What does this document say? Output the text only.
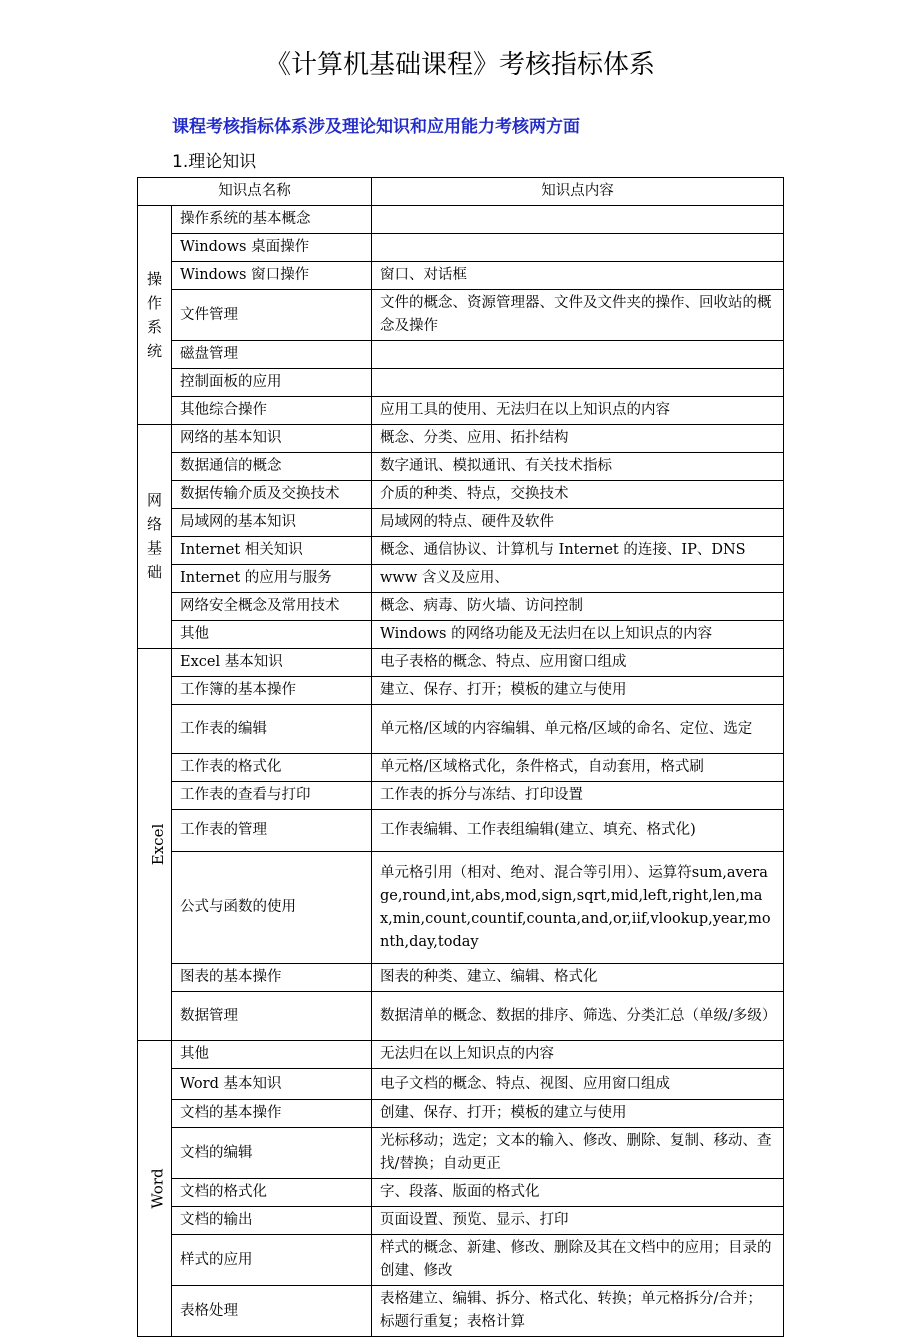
《计算机基础课程》考核指标体系
课程考核指标体系涉及理论知识和应用能力考核两方面
1.理论知识
知识点名称		知识点内容
操作系统	操作系统的基本概念	
	Windows 桌面操作	
	Windows 窗口操作	窗口、对话框
	文件管理	文件的概念、资源管理器、文件及文件夹的操作、回收站的概念及操作
	磁盘管理	
	控制面板的应用	
	其他综合操作	应用工具的使用、无法归在以上知识点的内容
网络基础	网络的基本知识	概念、分类、应用、拓扑结构
	数据通信的概念	数字通讯、模拟通讯、有关技术指标
	数据传输介质及交换技术	介质的种类、特点，交换技术
	局域网的基本知识	局域网的特点、硬件及软件
	Internet 相关知识	概念、通信协议、计算机与 Internet 的连接、IP、DNS
	Internet 的应用与服务	www 含义及应用、
	网络安全概念及常用技术	概念、病毒、防火墙、访问控制
	其他	Windows 的网络功能及无法归在以上知识点的内容
Excel	Excel 基本知识	电子表格的概念、特点、应用窗口组成
	工作簿的基本操作	建立、保存、打开；模板的建立与使用
	工作表的编辑	单元格/区域的内容编辑、单元格/区域的命名、定位、选定
	工作表的格式化	单元格/区域格式化，条件格式，自动套用，格式刷
	工作表的查看与打印	工作表的拆分与冻结、打印设置
	工作表的管理	工作表编辑、工作表组编辑(建立、填充、格式化)
	公式与函数的使用	单元格引用（相对、绝对、混合等引用）、运算符sum,average,round,int,abs,mod,sign,sqrt,mid,left,right,len,max,min,count,countif,counta,and,or,iif,vlookup,year,month,day,today
	图表的基本操作	图表的种类、建立、编辑、格式化
	数据管理	数据清单的概念、数据的排序、筛选、分类汇总（单级/多级）
Word	其他	无法归在以上知识点的内容
	Word 基本知识	电子文档的概念、特点、视图、应用窗口组成
	文档的基本操作	创建、保存、打开；模板的建立与使用
	文档的编辑	光标移动；选定；文本的输入、修改、删除、复制、移动、查找/替换；自动更正
	文档的格式化	字、段落、版面的格式化
	文档的输出	页面设置、预览、显示、打印
	样式的应用	样式的概念、新建、修改、删除及其在文档中的应用；目录的创建、修改
	表格处理	表格建立、编辑、拆分、格式化、转换；单元格拆分/合并；标题行重复；表格计算
